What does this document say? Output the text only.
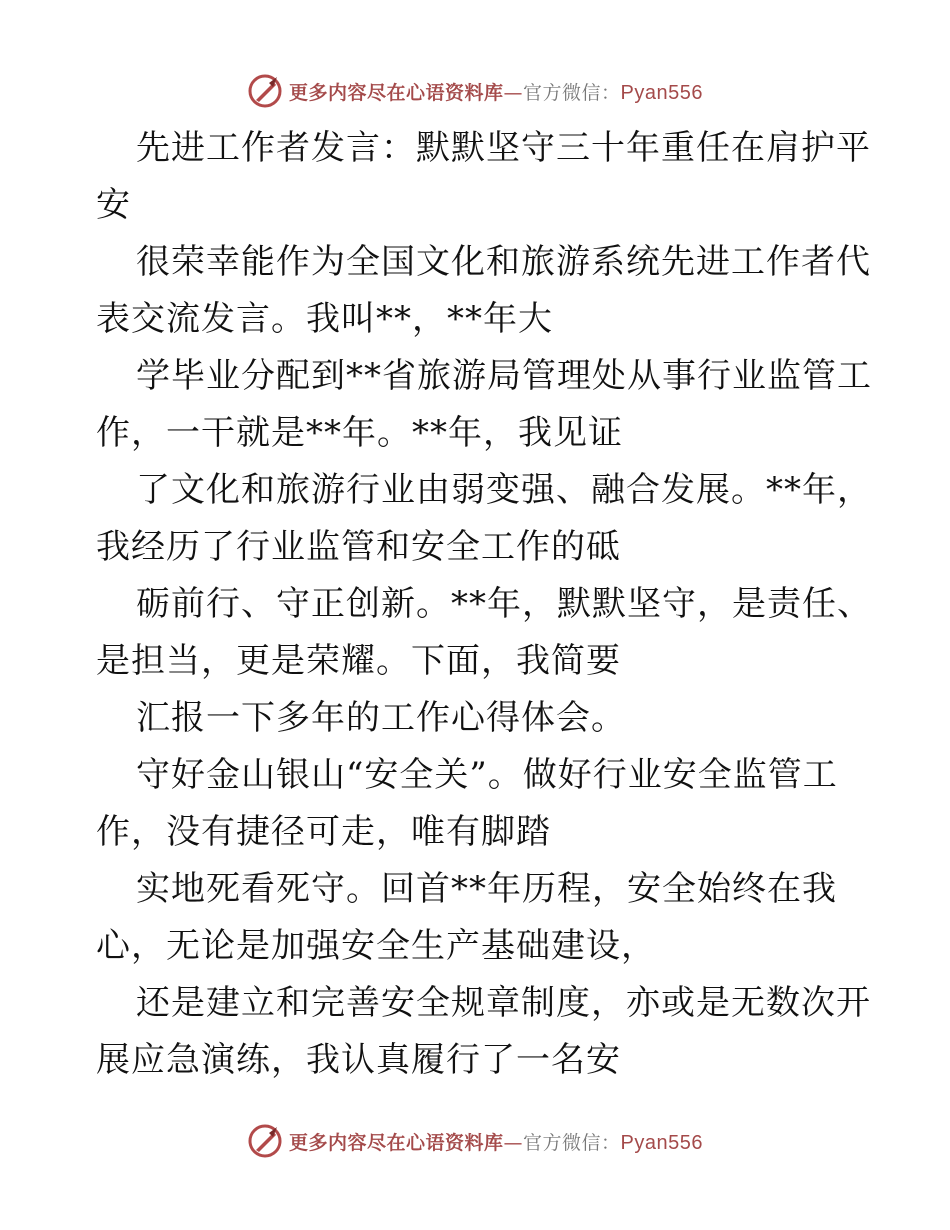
更多内容尽在心语资料库—官方微信：Pyan556
先进工作者发言：默默坚守三十年重任在肩护平
安
很荣幸能作为全国文化和旅游系统先进工作者代
表交流发言。我叫**，**年大
学毕业分配到**省旅游局管理处从事行业监管工
作，一干就是**年。**年，我见证
了文化和旅游行业由弱变强、融合发展。**年，
我经历了行业监管和安全工作的砥
砺前行、守正创新。**年，默默坚守，是责任、
是担当，更是荣耀。下面，我简要
汇报一下多年的工作心得体会。
守好金山银山“安全关”。做好行业安全监管工
作，没有捷径可走，唯有脚踏
实地死看死守。回首**年历程，安全始终在我
心，无论是加强安全生产基础建设，
还是建立和完善安全规章制度，亦或是无数次开
展应急演练，我认真履行了一名安
更多内容尽在心语资料库—官方微信：Pyan556
